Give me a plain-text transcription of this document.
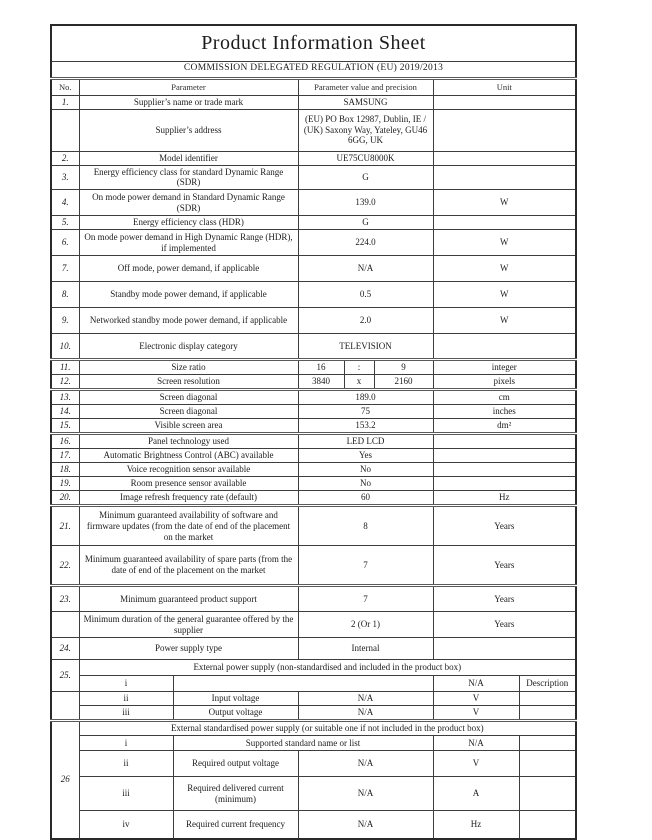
Product Information Sheet							
COMMISSION DELEGATED REGULATION (EU) 2019/2013							
No.	Parameter		Parameter value and precision			Unit	
1.	Supplier’s name or trade mark		SAMSUNG				
	Supplier’s address		(EU) PO Box 12987, Dublin, IE / (UK) Saxony Way, Yateley, GU46 6GG, UK				
2.	Model identifier		UE75CU8000K				
3.	Energy efficiency class for standard Dynamic Range (SDR)		G				
4.	On mode power demand in Standard Dynamic Range (SDR)		139.0			W	
5.	Energy efficiency class (HDR)		G				
6.	On mode power demand in High Dynamic Range (HDR), if implemented		224.0			W	
7.	Off mode, power demand, if applicable		N/A			W	
8.	Standby mode power demand, if applicable		0.5			W	
9.	Networked standby mode power demand, if applicable		2.0			W	
10.	Electronic display category		TELEVISION				
11.	Size ratio		16	:	9	integer	
12.	Screen resolution		3840	x	2160	pixels	
13.	Screen diagonal		189.0			cm	
14.	Screen diagonal		75			inches	
15.	Visible screen area		153.2			dm²	
16.	Panel technology used		LED LCD				
17.	Automatic Brightness Control (ABC) available		Yes				
18.	Voice recognition sensor available		No				
19.	Room presence sensor available		No				
20.	Image refresh frequency rate (default)		60			Hz	
21.	Minimum guaranteed availability of software and firmware updates (from the date of end of the placement on the market		8			Years	
22.	Minimum guaranteed availability of spare parts (from the date of end of the placement on the market		7			Years	
23.	Minimum guaranteed product support		7			Years	
	Minimum duration of the general guarantee offered by the supplier		2 (Or 1)			Years	
24.	Power supply type		Internal				
25.	External power supply (non-standardised and included in the product box)						
	i					N/A	Description
	ii	Input voltage	N/A			V	
	iii	Output voltage	N/A			V	
26	External standardised power supply (or suitable one if not included in the product box)						
	i	Supported standard name or list				N/A	
	ii	Required output voltage	N/A			V	
	iii	Required delivered current (minimum)	N/A			A	
	iv	Required current frequency	N/A			Hz	
